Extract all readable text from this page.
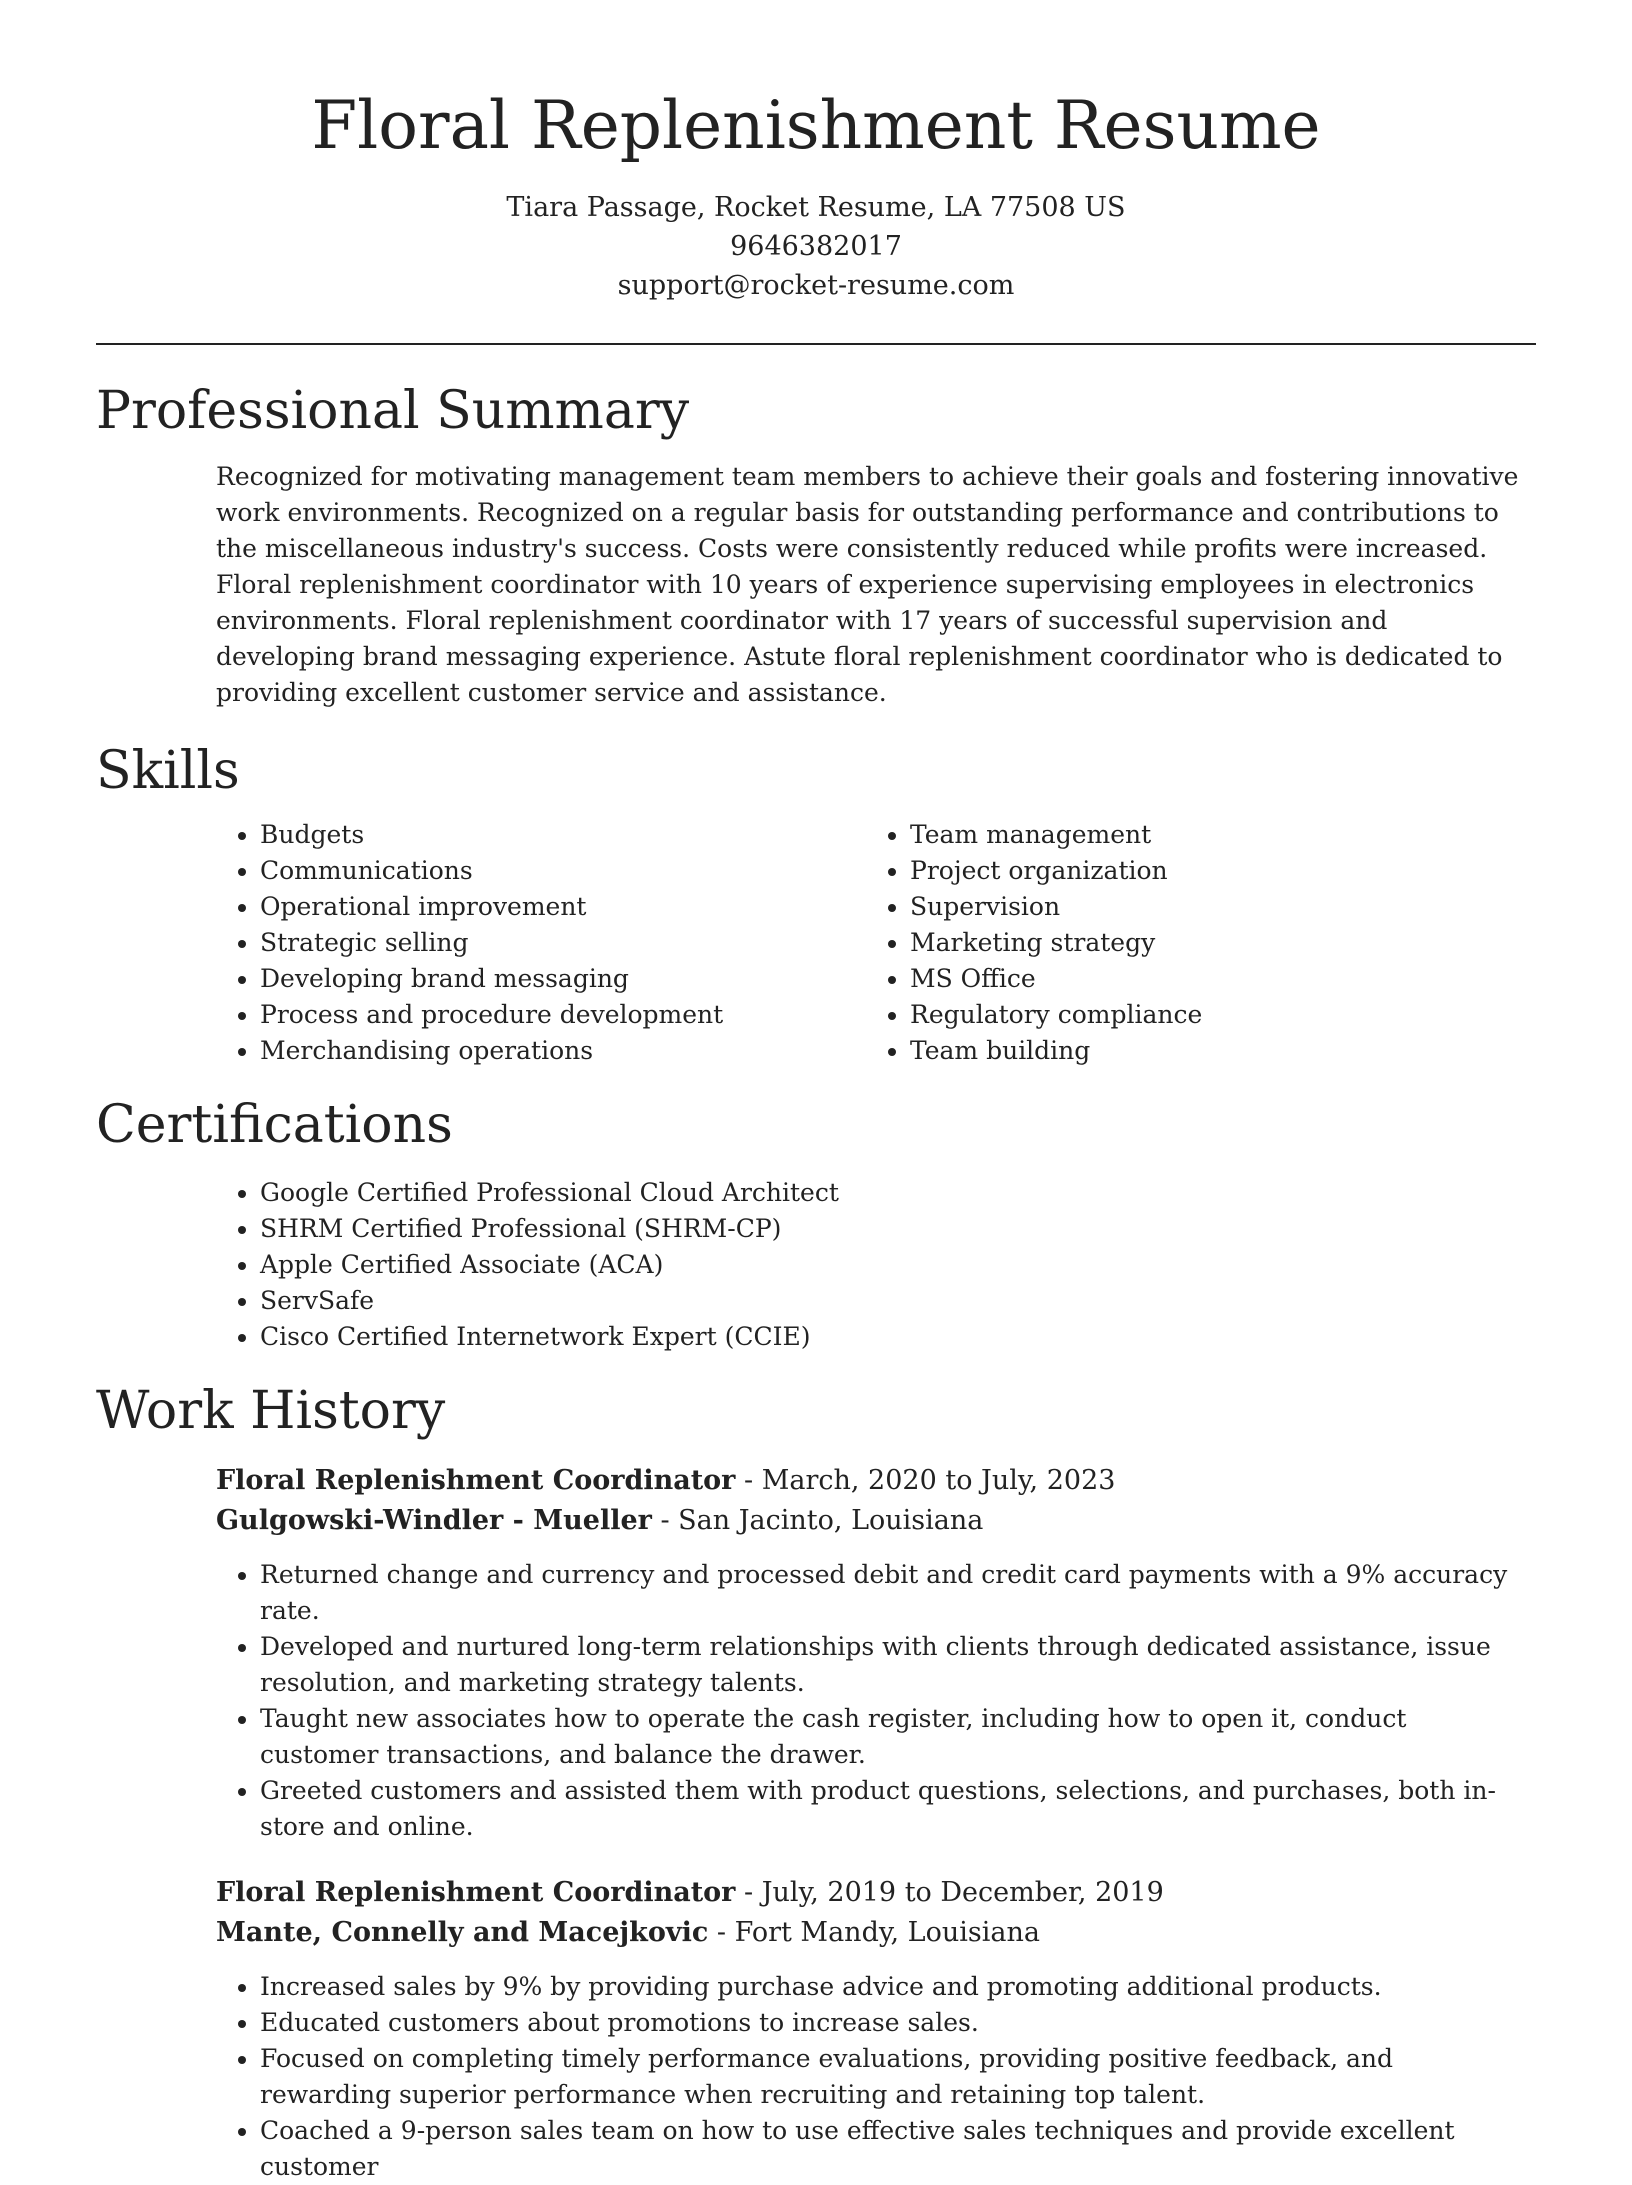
Floral Replenishment Resume
Tiara Passage, Rocket Resume, LA 77508 US
9646382017
support@rocket-resume.com
Professional Summary

Recognized for motivating management team members to achieve their goals and fostering innovative work environments. Recognized on a regular basis for outstanding performance and contributions to the miscellaneous industry's success. Costs were consistently reduced while profits were increased. Floral replenishment coordinator with 10 years of experience supervising employees in electronics environments. Floral replenishment coordinator with 17 years of successful supervision and developing brand messaging experience. Astute floral replenishment coordinator who is dedicated to providing excellent customer service and assistance.

Skills
• Budgets
• Communications
• Operational improvement
• Strategic selling
• Developing brand messaging
• Process and procedure development
• Merchandising operations
• Team management
• Project organization
• Supervision
• Marketing strategy
• MS Office
• Regulatory compliance
• Team building
Certifications
• Google Certified Professional Cloud Architect
• SHRM Certified Professional (SHRM-CP)
• Apple Certified Associate (ACA)
• ServSafe
• Cisco Certified Internetwork Expert (CCIE)
Work History
Floral Replenishment Coordinator - March, 2020 to July, 2023
Gulgowski-Windler - Mueller - San Jacinto, Louisiana
• Returned change and currency and processed debit and credit card payments with a 9% accuracy rate.
• Developed and nurtured long-term relationships with clients through dedicated assistance, issue resolution, and marketing strategy talents.
• Taught new associates how to operate the cash register, including how to open it, conduct customer transactions, and balance the drawer.
• Greeted customers and assisted them with product questions, selections, and purchases, both in-store and online.
Floral Replenishment Coordinator - July, 2019 to December, 2019
Mante, Connelly and Macejkovic - Fort Mandy, Louisiana
• Increased sales by 9% by providing purchase advice and promoting additional products.
• Educated customers about promotions to increase sales.
• Focused on completing timely performance evaluations, providing positive feedback, and rewarding superior performance when recruiting and retaining top talent.
• Coached a 9-person sales team on how to use effective sales techniques and provide excellent customer
